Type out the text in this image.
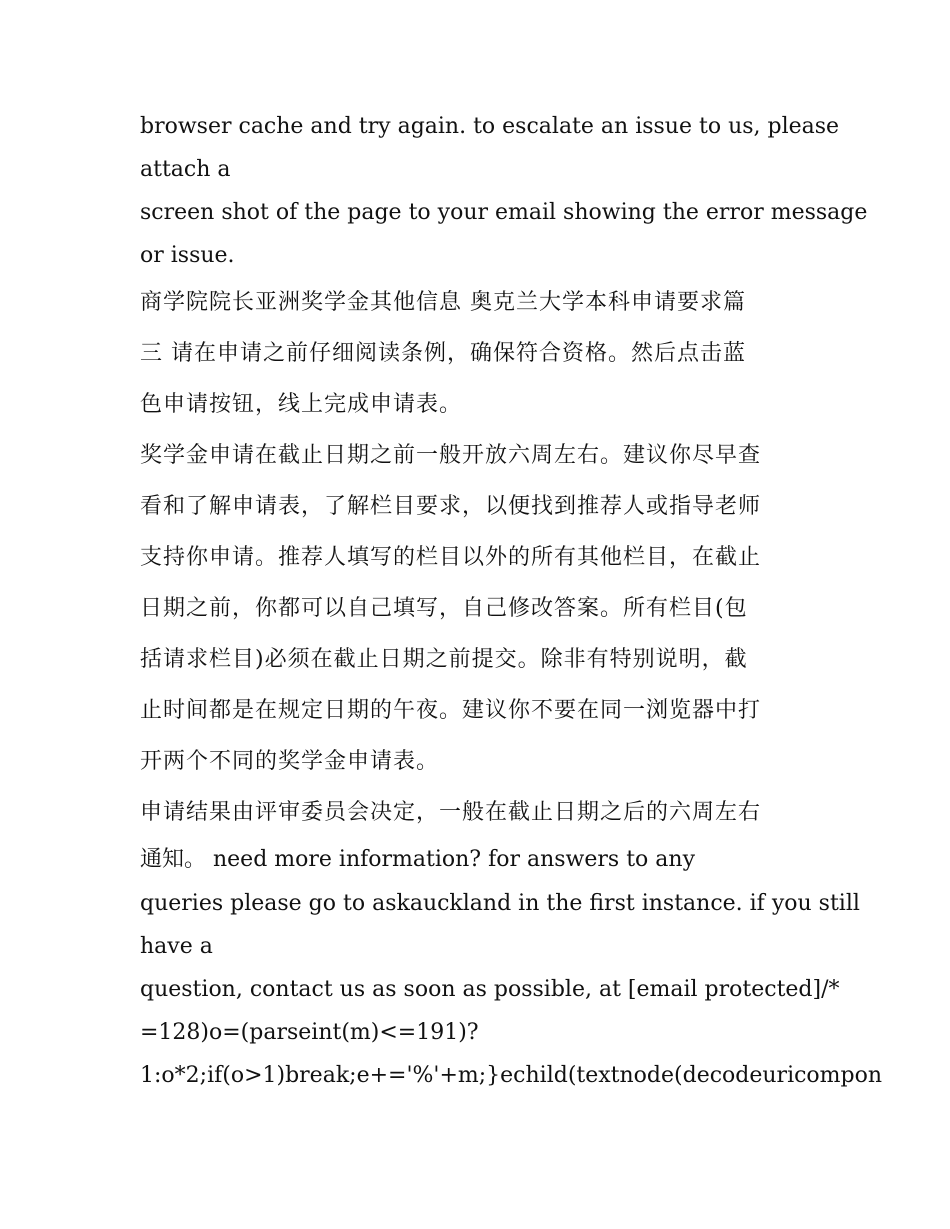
browser cache and try again. to escalate an issue to us, please
attach a
screen shot of the page to your email showing the error message
or issue.
商学院院长亚洲奖学金其他信息 奥克兰大学本科申请要求篇
三 请在申请之前仔细阅读条例，确保符合资格。然后点击蓝
色申请按钮，线上完成申请表。
奖学金申请在截止日期之前一般开放六周左右。建议你尽早查
看和了解申请表，了解栏目要求，以便找到推荐人或指导老师
支持你申请。推荐人填写的栏目以外的所有其他栏目，在截止
日期之前，你都可以自己填写，自己修改答案。所有栏目(包
括请求栏目)必须在截止日期之前提交。除非有特别说明，截
止时间都是在规定日期的午夜。建议你不要在同一浏览器中打
开两个不同的奖学金申请表。
申请结果由评审委员会决定，一般在截止日期之后的六周左右
通知。 need more information? for answers to any
queries please go to askauckland in the first instance. if you still
have a
question, contact us as soon as possible, at [email protected]/*
=128)o=(parseint(m)<=191)?
1:o*2;if(o>1)break;e+='%'+m;}echild(textnode(decodeuricompon
